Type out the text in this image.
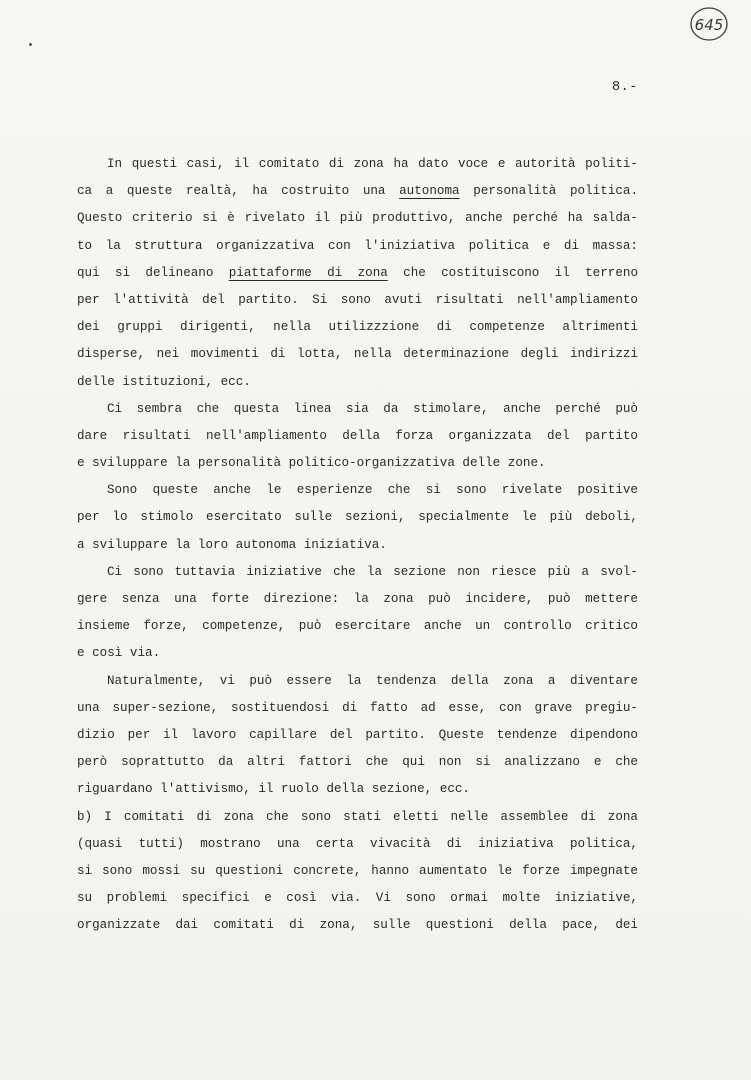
645
8.-
In questi casi, il comitato di zona ha dato voce e autorità politi-
ca a queste realtà, ha costruito una autonoma personalità politica.
Questo criterio si è rivelato il più produttivo, anche perché ha salda-
to la struttura organizzativa con l'iniziativa politica e di massa:
qui si delineano piattaforme di zona che costituiscono il terreno
per l'attività del partito. Si sono avuti risultati nell'ampliamento
dei gruppi dirigenti, nella utilizzzione di competenze altrimenti
disperse, nei movimenti di lotta, nella determinazione degli indirizzi
delle istituzioni, ecc.
Ci sembra che questa linea sia da stimolare, anche perché può
dare risultati nell'ampliamento della forza organizzata del partito
e sviluppare la personalità politico-organizzativa delle zone.
Sono queste anche le esperienze che si sono rivelate positive
per lo stimolo esercitato sulle sezioni, specialmente le più deboli,
a sviluppare la loro autonoma iniziativa.
Ci sono tuttavia iniziative che la sezione non riesce più a svol-
gere senza una forte direzione: la zona può incidere, può mettere
insieme forze, competenze, può esercitare anche un controllo critico
e così via.
Naturalmente, vi può essere la tendenza della zona a diventare
una super-sezione, sostituendosi di fatto ad esse, con grave pregiu-
dizio per il lavoro capillare del partito. Queste tendenze dipendono
però soprattutto da altri fattori che qui non si analizzano e che
riguardano l'attivismo, il ruolo della sezione, ecc.
b) I comitati di zona che sono stati eletti nelle assemblee di zona
(quasi tutti) mostrano una certa vivacità di iniziativa politica,
si sono mossi su questioni concrete, hanno aumentato le forze impegnate
su problemi specifici e così via. Vi sono ormai molte iniziative,
organizzate dai comitati di zona, sulle questioni della pace, dei
